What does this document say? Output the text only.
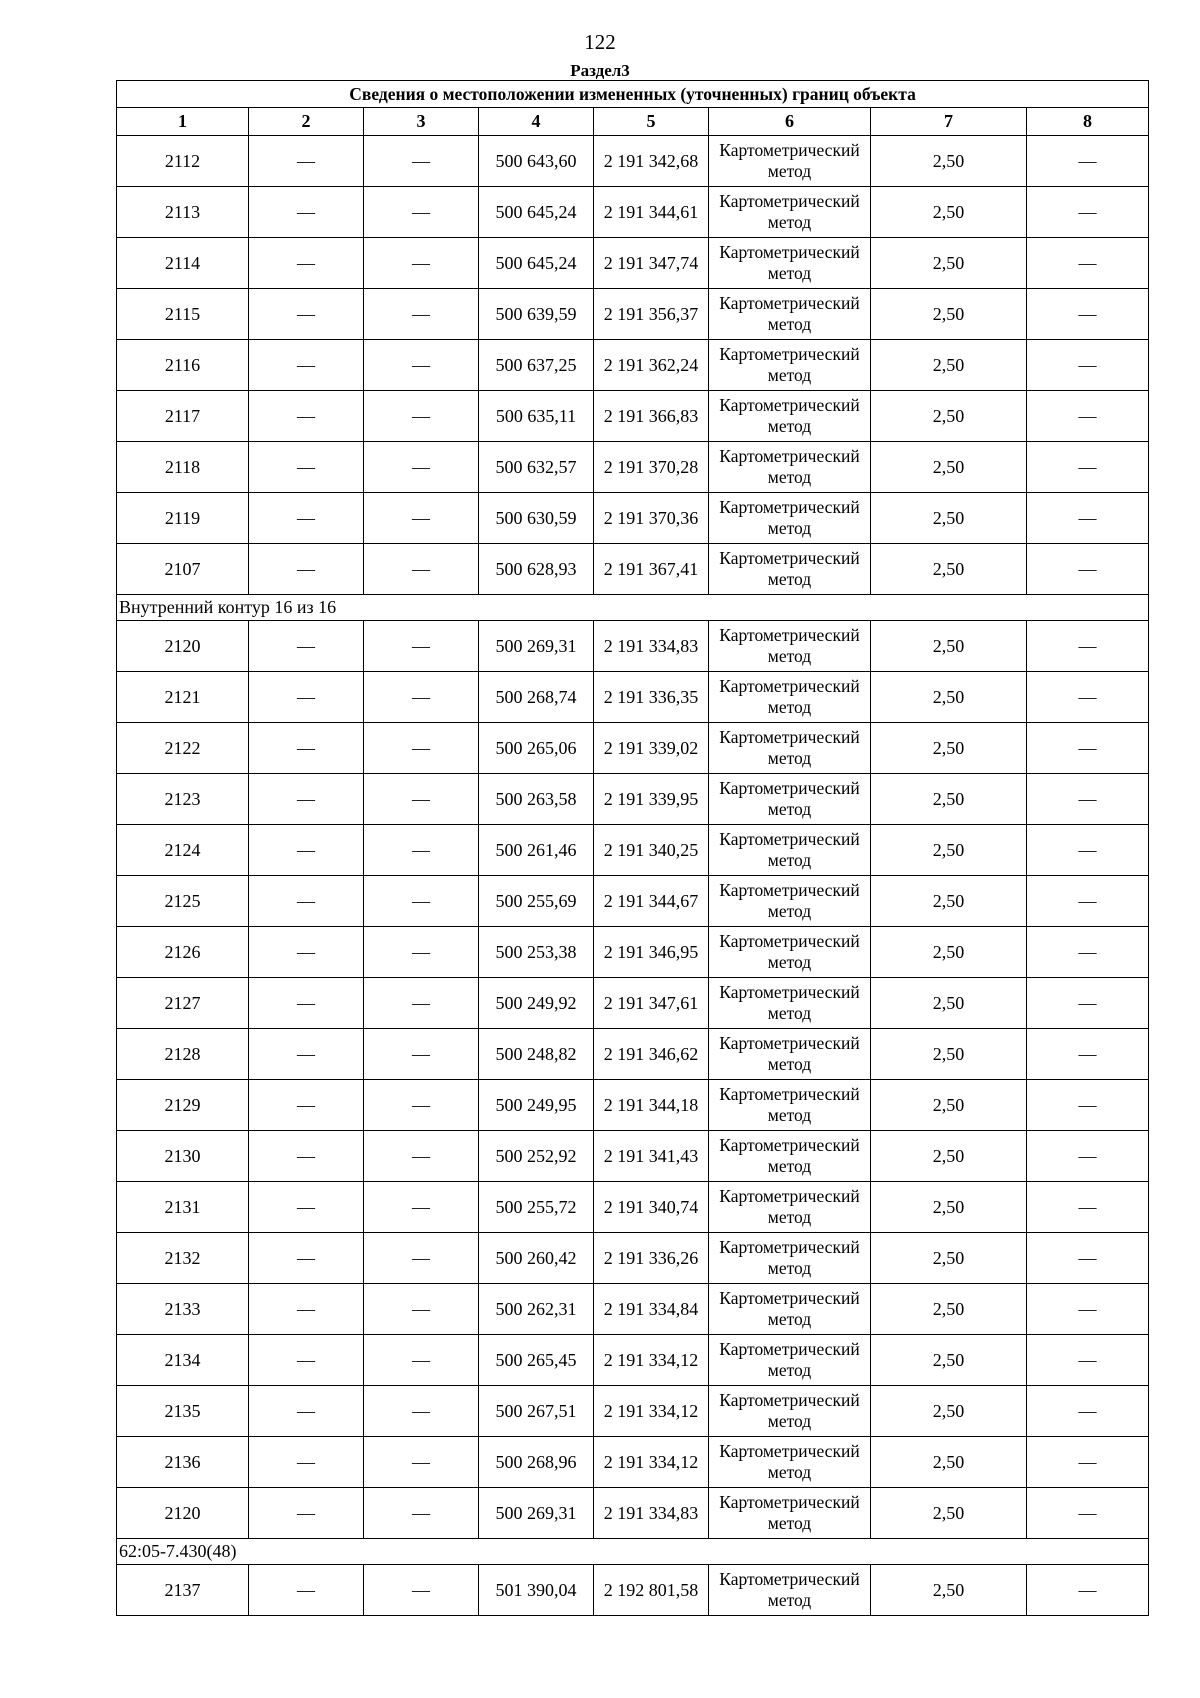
122
Раздел3
Сведения о местоположении измененных (уточненных) границ объекта							
1	2	3	4	5	6	7	8
2112	—	—	500 643,60	2 191 342,68	Картометрический метод	2,50	—
2113	—	—	500 645,24	2 191 344,61	Картометрический метод	2,50	—
2114	—	—	500 645,24	2 191 347,74	Картометрический метод	2,50	—
2115	—	—	500 639,59	2 191 356,37	Картометрический метод	2,50	—
2116	—	—	500 637,25	2 191 362,24	Картометрический метод	2,50	—
2117	—	—	500 635,11	2 191 366,83	Картометрический метод	2,50	—
2118	—	—	500 632,57	2 191 370,28	Картометрический метод	2,50	—
2119	—	—	500 630,59	2 191 370,36	Картометрический метод	2,50	—
2107	—	—	500 628,93	2 191 367,41	Картометрический метод	2,50	—
Внутренний контур 16 из 16							
2120	—	—	500 269,31	2 191 334,83	Картометрический метод	2,50	—
2121	—	—	500 268,74	2 191 336,35	Картометрический метод	2,50	—
2122	—	—	500 265,06	2 191 339,02	Картометрический метод	2,50	—
2123	—	—	500 263,58	2 191 339,95	Картометрический метод	2,50	—
2124	—	—	500 261,46	2 191 340,25	Картометрический метод	2,50	—
2125	—	—	500 255,69	2 191 344,67	Картометрический метод	2,50	—
2126	—	—	500 253,38	2 191 346,95	Картометрический метод	2,50	—
2127	—	—	500 249,92	2 191 347,61	Картометрический метод	2,50	—
2128	—	—	500 248,82	2 191 346,62	Картометрический метод	2,50	—
2129	—	—	500 249,95	2 191 344,18	Картометрический метод	2,50	—
2130	—	—	500 252,92	2 191 341,43	Картометрический метод	2,50	—
2131	—	—	500 255,72	2 191 340,74	Картометрический метод	2,50	—
2132	—	—	500 260,42	2 191 336,26	Картометрический метод	2,50	—
2133	—	—	500 262,31	2 191 334,84	Картометрический метод	2,50	—
2134	—	—	500 265,45	2 191 334,12	Картометрический метод	2,50	—
2135	—	—	500 267,51	2 191 334,12	Картометрический метод	2,50	—
2136	—	—	500 268,96	2 191 334,12	Картометрический метод	2,50	—
2120	—	—	500 269,31	2 191 334,83	Картометрический метод	2,50	—
62:05-7.430(48)							
2137	—	—	501 390,04	2 192 801,58	Картометрический метод	2,50	—
